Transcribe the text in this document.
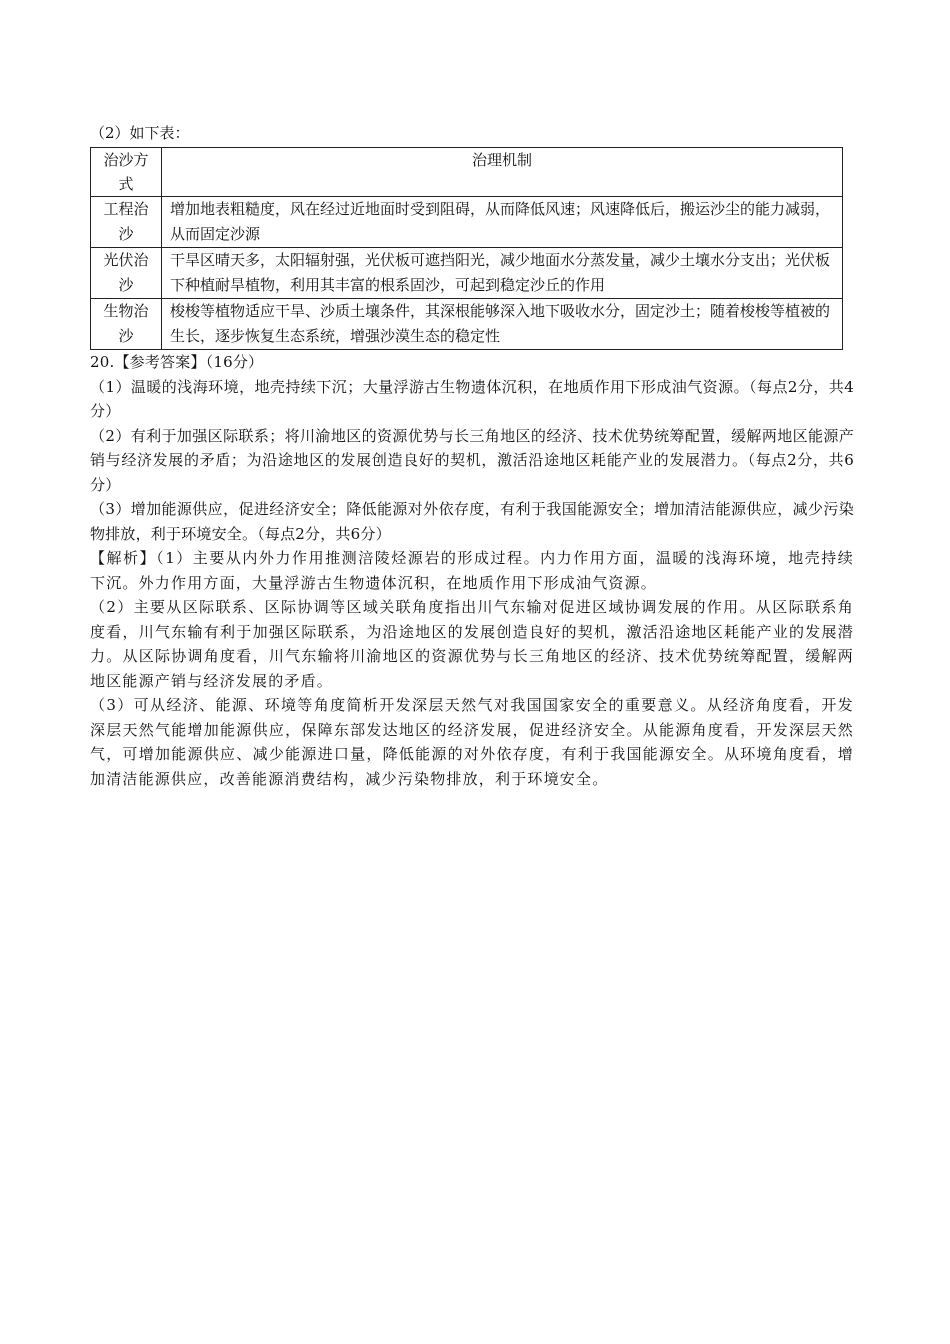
（2）如下表：
治沙方式	治理机制
工程治沙	增加地表粗糙度，风在经过近地面时受到阻碍，从而降低风速；风速降低后，搬运沙尘的能力减弱，从而固定沙源
光伏治沙	干旱区晴天多，太阳辐射强，光伏板可遮挡阳光，减少地面水分蒸发量，减少土壤水分支出；光伏板下种植耐旱植物，利用其丰富的根系固沙，可起到稳定沙丘的作用
生物治沙	梭梭等植物适应干旱、沙质土壤条件，其深根能够深入地下吸收水分，固定沙土；随着梭梭等植被的生长，逐步恢复生态系统，增强沙漠生态的稳定性
20.【参考答案】（16分）
（1）温暖的浅海环境，地壳持续下沉；大量浮游古生物遗体沉积，在地质作用下形成油气资源。（每点2分，共4分）
（2）有利于加强区际联系；将川渝地区的资源优势与长三角地区的经济、技术优势统筹配置，缓解两地区能源产销与经济发展的矛盾；为沿途地区的发展创造良好的契机，激活沿途地区耗能产业的发展潜力。（每点2分，共6分）
（3）增加能源供应，促进经济安全；降低能源对外依存度，有利于我国能源安全；增加清洁能源供应，减少污染物排放，利于环境安全。（每点2分，共6分）
【解析】（1）主要从内外力作用推测涪陵烃源岩的形成过程。内力作用方面，温暖的浅海环境，地壳持续下沉。外力作用方面，大量浮游古生物遗体沉积，在地质作用下形成油气资源。
（2）主要从区际联系、区际协调等区域关联角度指出川气东输对促进区域协调发展的作用。从区际联系角度看，川气东输有利于加强区际联系，为沿途地区的发展创造良好的契机，激活沿途地区耗能产业的发展潜力。从区际协调角度看，川气东输将川渝地区的资源优势与长三角地区的经济、技术优势统筹配置，缓解两地区能源产销与经济发展的矛盾。
（3）可从经济、能源、环境等角度简析开发深层天然气对我国国家安全的重要意义。从经济角度看，开发深层天然气能增加能源供应，保障东部发达地区的经济发展，促进经济安全。从能源角度看，开发深层天然气，可增加能源供应、减少能源进口量，降低能源的对外依存度，有利于我国能源安全。从环境角度看，增加清洁能源供应，改善能源消费结构，减少污染物排放，利于环境安全。
